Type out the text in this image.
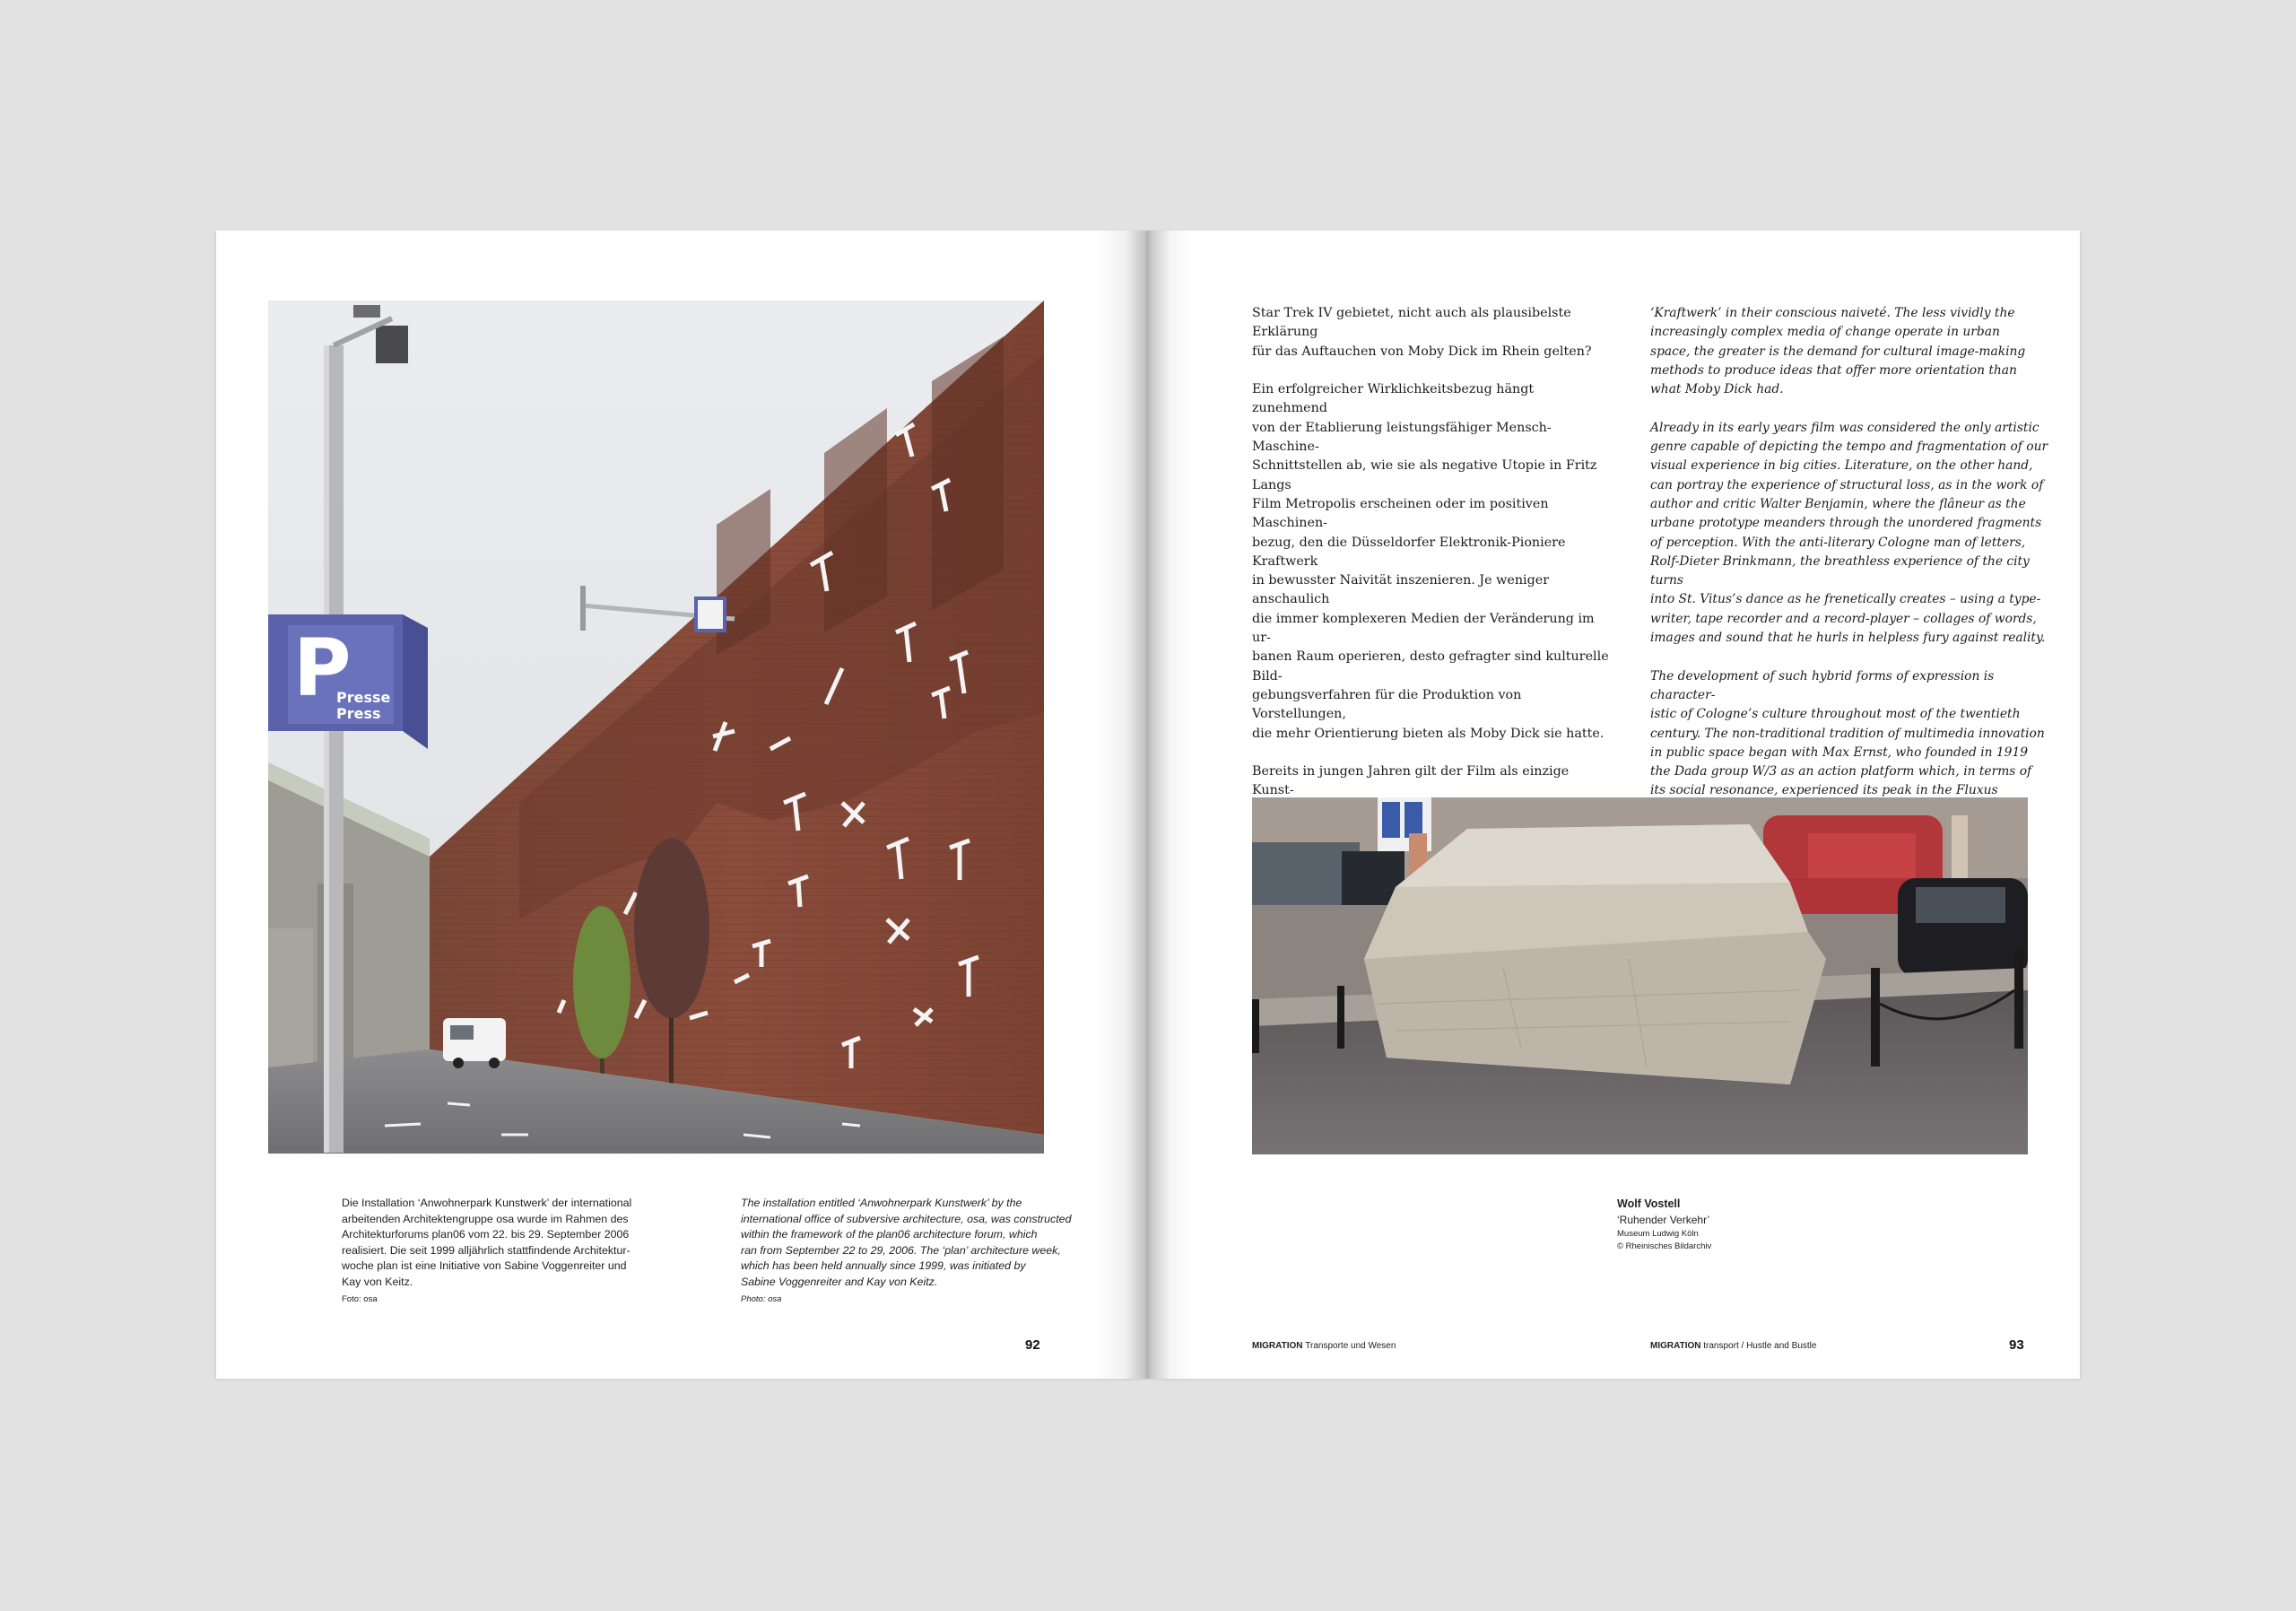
P
Presse
Press

Die Installation ‘Anwohnerpark Kunstwerk’ der international

arbeitenden Architektengruppe osa wurde im Rahmen des

Architekturforums plan06 vom 22. bis 29. September 2006

realisiert. Die seit 1999 alljährlich stattfindende Architektur-

woche plan ist eine Initiative von Sabine Voggenreiter und

Kay von Keitz.

Foto: osa

The installation entitled ‘Anwohnerpark Kunstwerk’ by the

international office of subversive architecture, osa, was constructed

within the framework of the plan06 architecture forum, which

ran from September 22 to 29, 2006. The ‘plan’ architecture week,

which has been held annually since 1999, was initiated by

Sabine Voggenreiter and Kay von Keitz.

Photo: osa

92

Star Trek IV gebietet, nicht auch als plausibelste Erklärung
für das Auftauchen von Moby Dick im Rhein gelten?

Ein erfolgreicher Wirklichkeitsbezug hängt zunehmend
von der Etablierung leistungsfähiger Mensch-Maschine-
Schnittstellen ab, wie sie als negative Utopie in Fritz Langs
Film Metropolis erscheinen oder im positiven Maschinen-
bezug, den die Düsseldorfer Elektronik-Pioniere Kraftwerk
in bewusster Naivität inszenieren. Je weniger anschaulich
die immer komplexeren Medien der Veränderung im ur-
banen Raum operieren, desto gefragter sind kulturelle Bild-
gebungsverfahren für die Produktion von Vorstellungen,
die mehr Orientierung bieten als Moby Dick sie hatte.

Bereits in jungen Jahren gilt der Film als einzige Kunst-

‘Kraftwerk’ in their conscious naiveté. The less vividly the
increasingly complex media of change operate in urban
space, the greater is the demand for cultural image-making
methods to produce ideas that offer more orientation than
what Moby Dick had.

Already in its early years film was considered the only artistic
genre capable of depicting the tempo and fragmentation of our
visual experience in big cities. Literature, on the other hand,
can portray the experience of structural loss, as in the work of
author and critic Walter Benjamin, where the flâneur as the
urbane prototype meanders through the unordered fragments
of perception. With the anti-literary Cologne man of letters,
Rolf-Dieter Brinkmann, the breathless experience of the city turns
into St. Vitus’s dance as he frenetically creates – using a type-
writer, tape recorder and a record-player – collages of words,
images and sound that he hurls in helpless fury against reality.

The development of such hybrid forms of expression is character-
istic of Cologne’s culture throughout most of the twentieth
century. The non-traditional tradition of multimedia innovation
in public space began with Max Ernst, who founded in 1919
the Dada group W/3 as an action platform which, in terms of
its social resonance, experienced its peak in the Fluxus

Wolf Vostell
‘Ruhender Verkehr’
Museum Ludwig Köln
© Rheinisches Bildarchiv
MIGRATION Transporte und Wesen	MIGRATION transport / Hustle and Bustle	93
